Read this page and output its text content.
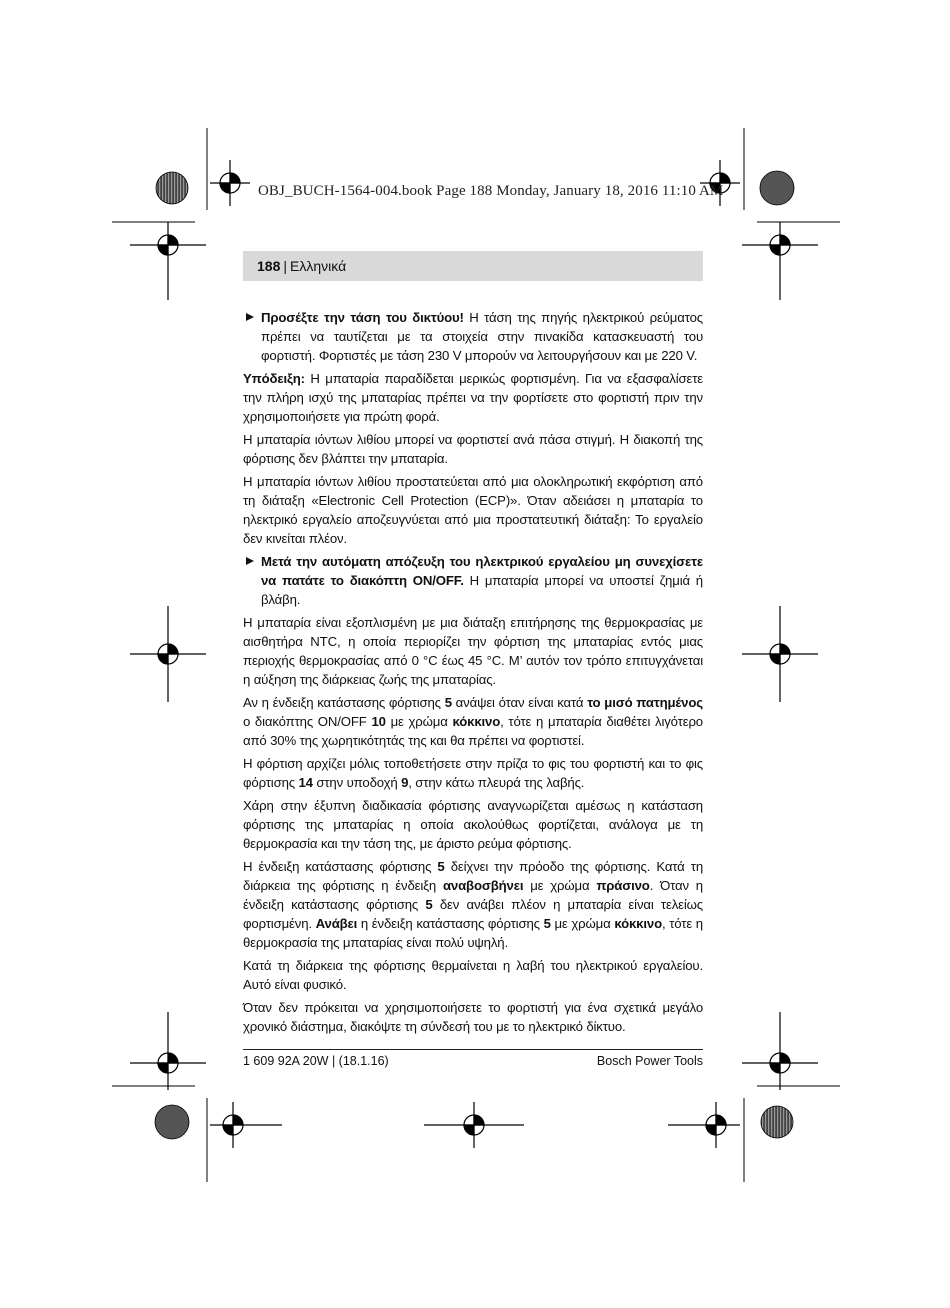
OBJ_BUCH-1564-004.book Page 188 Monday, January 18, 2016 11:10 AM
188 | Ελληνικά
Προσέξτε την τάση του δικτύου! Η τάση της πηγής ηλεκτρικού ρεύματος πρέπει να ταυτίζεται με τα στοιχεία στην πινακίδα κατασκευαστή του φορτιστή. Φορτιστές με τάση 230 V μπορούν να λειτουργήσουν και με 220 V.

Υπόδειξη: Η μπαταρία παραδίδεται μερικώς φορτισμένη. Για να εξασφαλίσετε την πλήρη ισχύ της μπαταρίας πρέπει να την φορτίσετε στο φορτιστή πριν την χρησιμοποιήσετε για πρώτη φορά.

Η μπαταρία ιόντων λιθίου μπορεί να φορτιστεί ανά πάσα στιγμή. Η διακοπή της φόρτισης δεν βλάπτει την μπαταρία.

Η μπαταρία ιόντων λιθίου προστατεύεται από μια ολοκληρωτική εκφόρτιση από τη διάταξη «Electronic Cell Protection (ECP)». Όταν αδειάσει η μπαταρία το ηλεκτρικό εργαλείο αποζευγνύεται από μια προστατευτική διάταξη: Το εργαλείο δεν κινείται πλέον.

Μετά την αυτόματη απόζευξη του ηλεκτρικού εργαλείου μη συνεχίσετε να πατάτε το διακόπτη ON/OFF. Η μπαταρία μπορεί να υποστεί ζημιά ή βλάβη.

Η μπαταρία είναι εξοπλισμένη με μια διάταξη επιτήρησης της θερμοκρασίας με αισθητήρα NTC, η οποία περιορίζει την φόρτιση της μπαταρίας εντός μιας περιοχής θερμοκρασίας από 0 °C έως 45 °C. Μ’ αυτόν τον τρόπο επιτυγχάνεται η αύξηση της διάρκειας ζωής της μπαταρίας.

Αν η ένδειξη κατάστασης φόρτισης 5 ανάψει όταν είναι κατά το μισό πατημένος ο διακόπτης ON/OFF 10 με χρώμα κόκκινο, τότε η μπαταρία διαθέτει λιγότερο από 30% της χωρητικότητάς της και θα πρέπει να φορτιστεί.

Η φόρτιση αρχίζει μόλις τοποθετήσετε στην πρίζα το φις του φορτιστή και το φις φόρτισης 14 στην υποδοχή 9, στην κάτω πλευρά της λαβής.

Χάρη στην έξυπνη διαδικασία φόρτισης αναγνωρίζεται αμέσως η κατάσταση φόρτισης της μπαταρίας η οποία ακολούθως φορτίζεται, ανάλογα με τη θερμοκρασία και την τάση της, με άριστο ρεύμα φόρτισης.

Η ένδειξη κατάστασης φόρτισης 5 δείχνει την πρόοδο της φόρτισης. Κατά τη διάρκεια της φόρτισης η ένδειξη αναβοσβήνει με χρώμα πράσινο. Όταν η ένδειξη κατάστασης φόρτισης 5 δεν ανάβει πλέον η μπαταρία είναι τελείως φορτισμένη. Ανάβει η ένδειξη κατάστασης φόρτισης 5 με χρώμα κόκκινο, τότε η θερμοκρασία της μπαταρίας είναι πολύ υψηλή.

Κατά τη διάρκεια της φόρτισης θερμαίνεται η λαβή του ηλεκτρικού εργαλείου. Αυτό είναι φυσικό.

Όταν δεν πρόκειται να χρησιμοποιήσετε το φορτιστή για ένα σχετικά μεγάλο χρονικό διάστημα, διακόψτε τη σύνδεσή του με το ηλεκτρικό δίκτυο.

1 609 92A 20W | (18.1.16)	Bosch Power Tools
